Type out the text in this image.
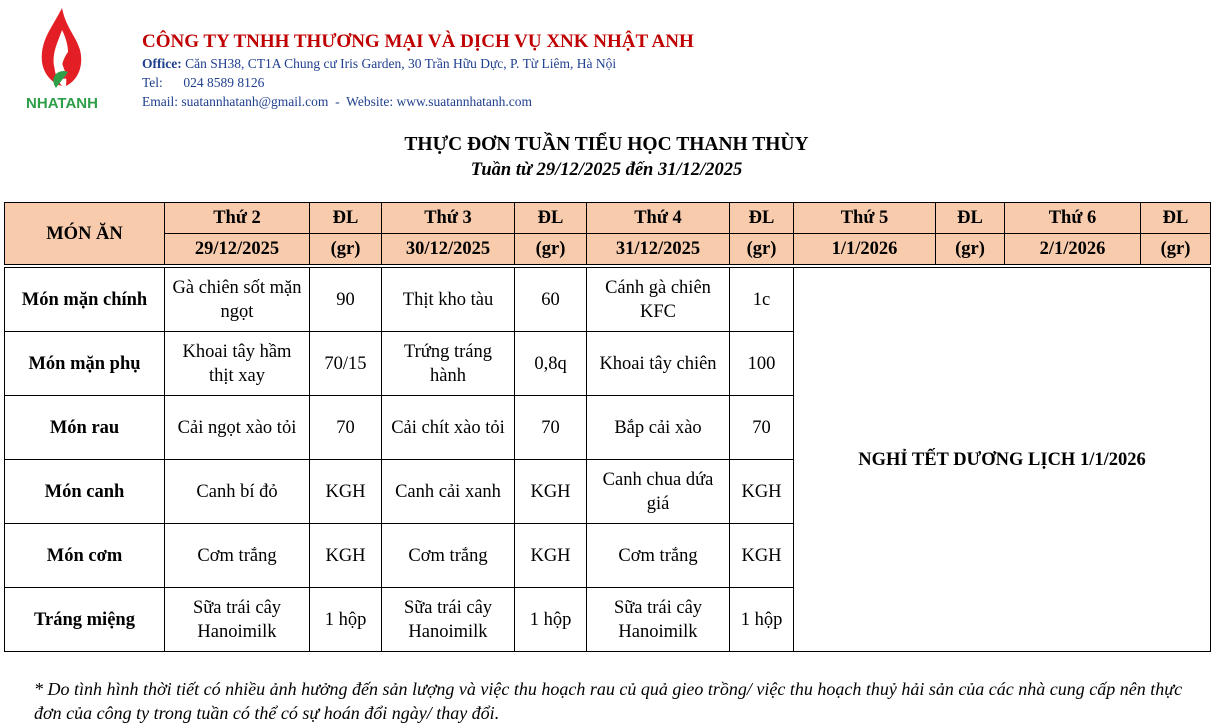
NHATANH
CÔNG TY TNHH THƯƠNG MẠI VÀ DỊCH VỤ XNK NHẬT ANH
Office: Căn SH38, CT1A Chung cư Iris Garden, 30 Trần Hữu Dực, P. Từ Liêm, Hà Nội
Tel: 024 8589 8126
Email: suatannhatanh@gmail.com - Website: www.suatannhatanh.com
THỰC ĐƠN TUẦN TIỂU HỌC THANH THÙY
Tuần từ 29/12/2025 đến 31/12/2025
MÓN ĂN	Thứ 2	ĐL	Thứ 3	ĐL	Thứ 4	ĐL	Thứ 5	ĐL	Thứ 6	ĐL
	29/12/2025	(gr)	30/12/2025	(gr)	31/12/2025	(gr)	1/1/2026	(gr)	2/1/2026	(gr)

Món mặn chính	Gà chiên sốt mặn ngọt	90	Thịt kho tàu	60	Cánh gà chiên KFC	1c	NGHỈ TẾT DƯƠNG LỊCH 1/1/2026			
Món mặn phụ	Khoai tây hầm thịt xay	70/15	Trứng tráng hành	0,8q	Khoai tây chiên	100				
Món rau	Cải ngọt xào tỏi	70	Cải chít xào tỏi	70	Bắp cải xào	70				
Món canh	Canh bí đỏ	KGH	Canh cải xanh	KGH	Canh chua dứa giá	KGH				
Món cơm	Cơm trắng	KGH	Cơm trắng	KGH	Cơm trắng	KGH				
Tráng miệng	Sữa trái cây Hanoimilk	1 hộp	Sữa trái cây Hanoimilk	1 hộp	Sữa trái cây Hanoimilk	1 hộp				
* Do tình hình thời tiết có nhiều ảnh hưởng đến sản lượng và việc thu hoạch rau củ quả gieo trồng/ việc thu hoạch thuỷ hải sản của các nhà cung cấp nên thực đơn của công ty trong tuần có thể có sự hoán đổi ngày/ thay đổi.
